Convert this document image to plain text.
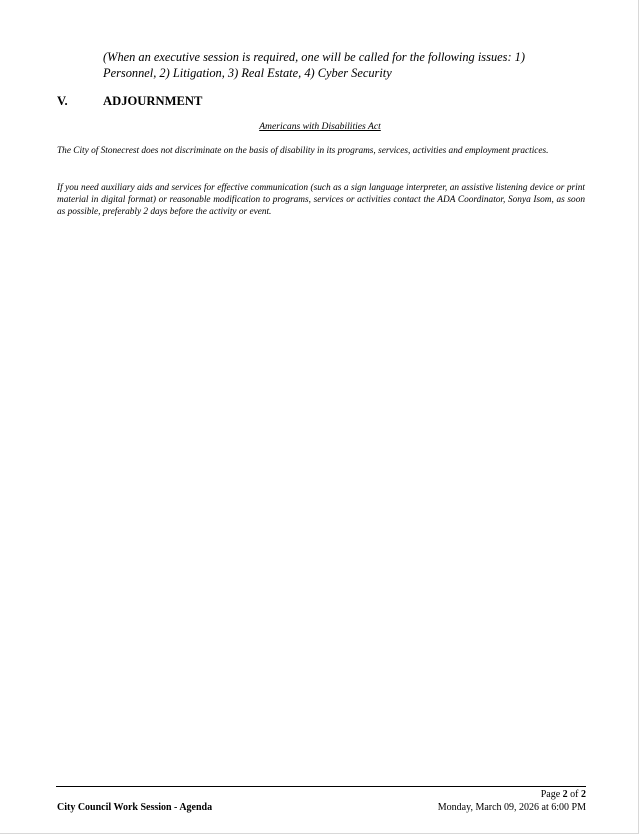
(When an executive session is required, one will be called for the following issues: 1) Personnel, 2) Litigation, 3) Real Estate, 4) Cyber Security
V.	ADJOURNMENT
Americans with Disabilities Act
The City of Stonecrest does not discriminate on the basis of disability in its programs, services, activities and employment practices.
If you need auxiliary aids and services for effective communication (such as a sign language interpreter, an assistive listening device or print material in digital format) or reasonable modification to programs, services or activities contact the ADA Coordinator, Sonya Isom, as soon as possible, preferably 2 days before the activity or event.
Page 2 of 2
City Council Work Session - Agenda	Monday, March 09, 2026 at 6:00 PM
